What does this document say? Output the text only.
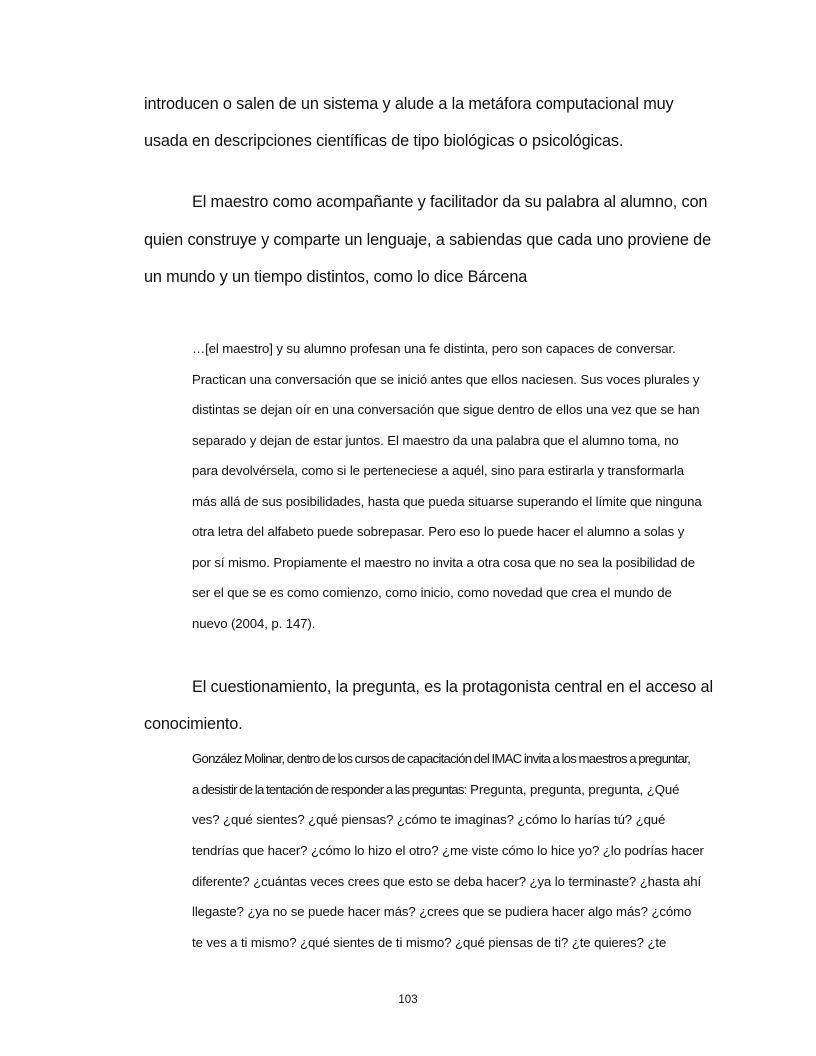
introducen o salen de un sistema y alude a la metáfora computacional muy
usada en descripciones científicas de tipo biológicas o psicológicas.
El maestro como acompañante y facilitador da su palabra al alumno, con
quien construye y comparte un lenguaje, a sabiendas que cada uno proviene de
un mundo y un tiempo distintos, como lo dice Bárcena
…[el maestro] y su alumno profesan una fe distinta, pero son capaces de conversar.
Practican una conversación que se inició antes que ellos naciesen. Sus voces plurales y
distintas se dejan oír en una conversación que sigue dentro de ellos una vez que se han
separado y dejan de estar juntos. El maestro da una palabra que el alumno toma, no
para devolvérsela, como si le perteneciese a aquél, sino para estirarla y transformarla
más allá de sus posibilidades, hasta que pueda situarse superando el límite que ninguna
otra letra del alfabeto puede sobrepasar. Pero eso lo puede hacer el alumno a solas y
por sí mismo. Propiamente el maestro no invita a otra cosa que no sea la posibilidad de
ser el que se es como comienzo, como inicio, como novedad que crea el mundo de
nuevo (2004, p. 147).
El cuestionamiento, la pregunta, es la protagonista central en el acceso al
conocimiento.
González Molinar, dentro de los cursos de capacitación del IMAC invita a los maestros a preguntar,
a desistir de la tentación de responder a las preguntas: Pregunta, pregunta, pregunta, ¿Qué
ves? ¿qué sientes? ¿qué piensas? ¿cómo te imaginas? ¿cómo lo harías tú? ¿qué
tendrías que hacer? ¿cómo lo hizo el otro? ¿me viste cómo lo hice yo? ¿lo podrías hacer
diferente? ¿cuántas veces crees que esto se deba hacer? ¿ya lo terminaste? ¿hasta ahí
llegaste? ¿ya no se puede hacer más? ¿crees que se pudiera hacer algo más? ¿cómo
te ves a ti mismo? ¿qué sientes de ti mismo? ¿qué piensas de ti? ¿te quieres? ¿te
103
